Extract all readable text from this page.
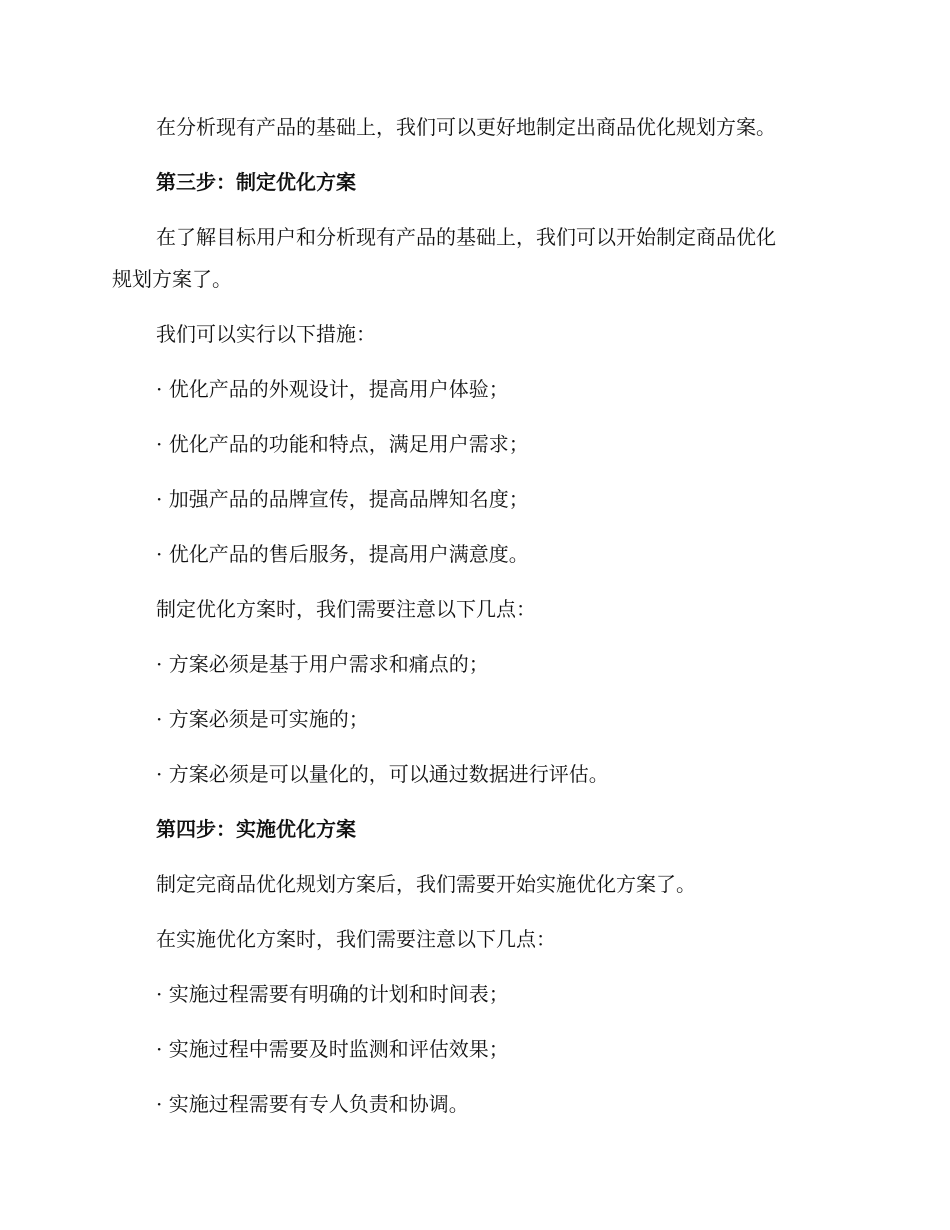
在分析现有产品的基础上，我们可以更好地制定出商品优化规划方案。
第三步：制定优化方案
在了解目标用户和分析现有产品的基础上，我们可以开始制定商品优化
规划方案了。
我们可以实行以下措施：
· 优化产品的外观设计，提高用户体验；
· 优化产品的功能和特点，满足用户需求；
· 加强产品的品牌宣传，提高品牌知名度；
· 优化产品的售后服务，提高用户满意度。
制定优化方案时，我们需要注意以下几点：
· 方案必须是基于用户需求和痛点的；
· 方案必须是可实施的；
· 方案必须是可以量化的，可以通过数据进行评估。
第四步：实施优化方案
制定完商品优化规划方案后，我们需要开始实施优化方案了。
在实施优化方案时，我们需要注意以下几点：
· 实施过程需要有明确的计划和时间表；
· 实施过程中需要及时监测和评估效果；
· 实施过程需要有专人负责和协调。
